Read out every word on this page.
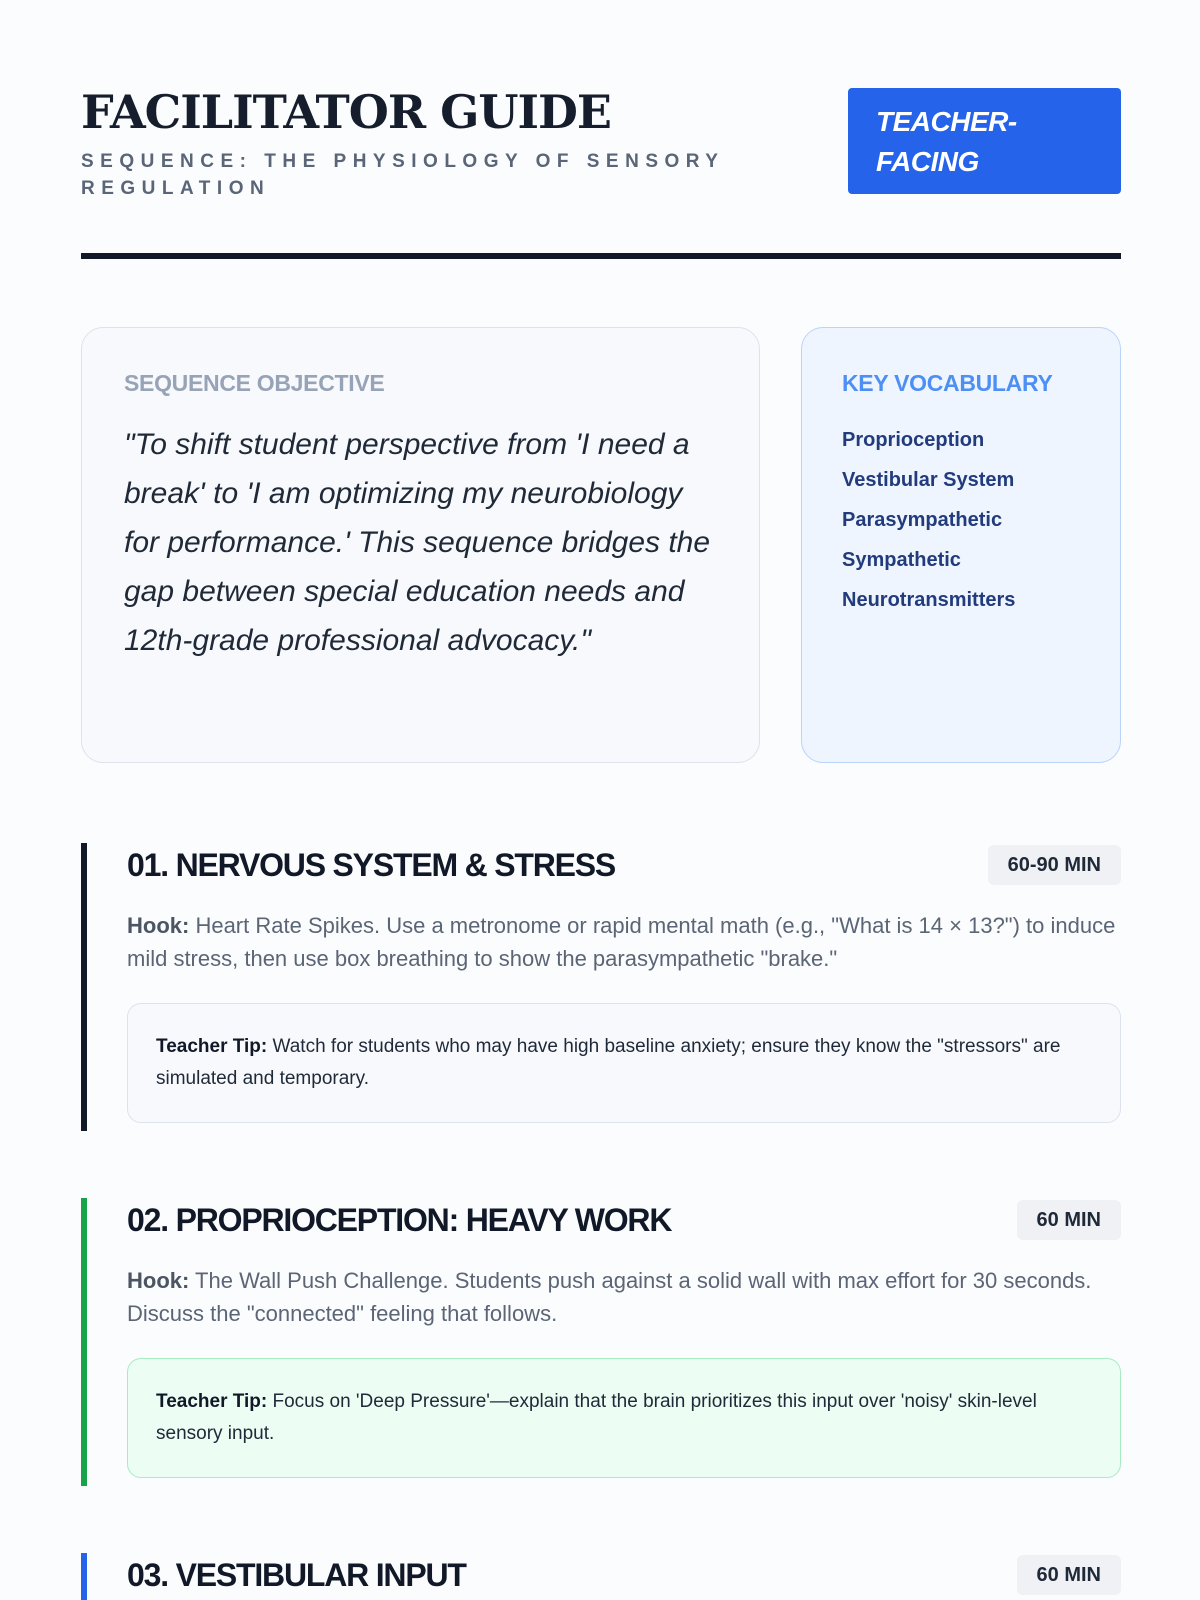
FACILITATOR GUIDE
SEQUENCE: THE PHYSIOLOGY OF SENSORY REGULATION
TEACHER-FACING
SEQUENCE OBJECTIVE

"To shift student perspective from 'I need a break' to 'I am optimizing my neurobiology for performance.' This sequence bridges the gap between special education needs and 12th-grade professional advocacy."

KEY VOCABULARY
Proprioception
Vestibular System
Parasympathetic
Sympathetic
Neurotransmitters
01. NERVOUS SYSTEM & STRESS	60-90 MIN

Hook: Heart Rate Spikes. Use a metronome or rapid mental math (e.g., "What is 14 × 13?") to induce mild stress, then use box breathing to show the parasympathetic "brake."

Teacher Tip: Watch for students who may have high baseline anxiety; ensure they know the "stressors" are simulated and temporary.
02. PROPRIOCEPTION: HEAVY WORK	60 MIN

Hook: The Wall Push Challenge. Students push against a solid wall with max effort for 30 seconds. Discuss the "connected" feeling that follows.

Teacher Tip: Focus on 'Deep Pressure'—explain that the brain prioritizes this input over 'noisy' skin-level sensory input.
03. VESTIBULAR INPUT	60 MIN
